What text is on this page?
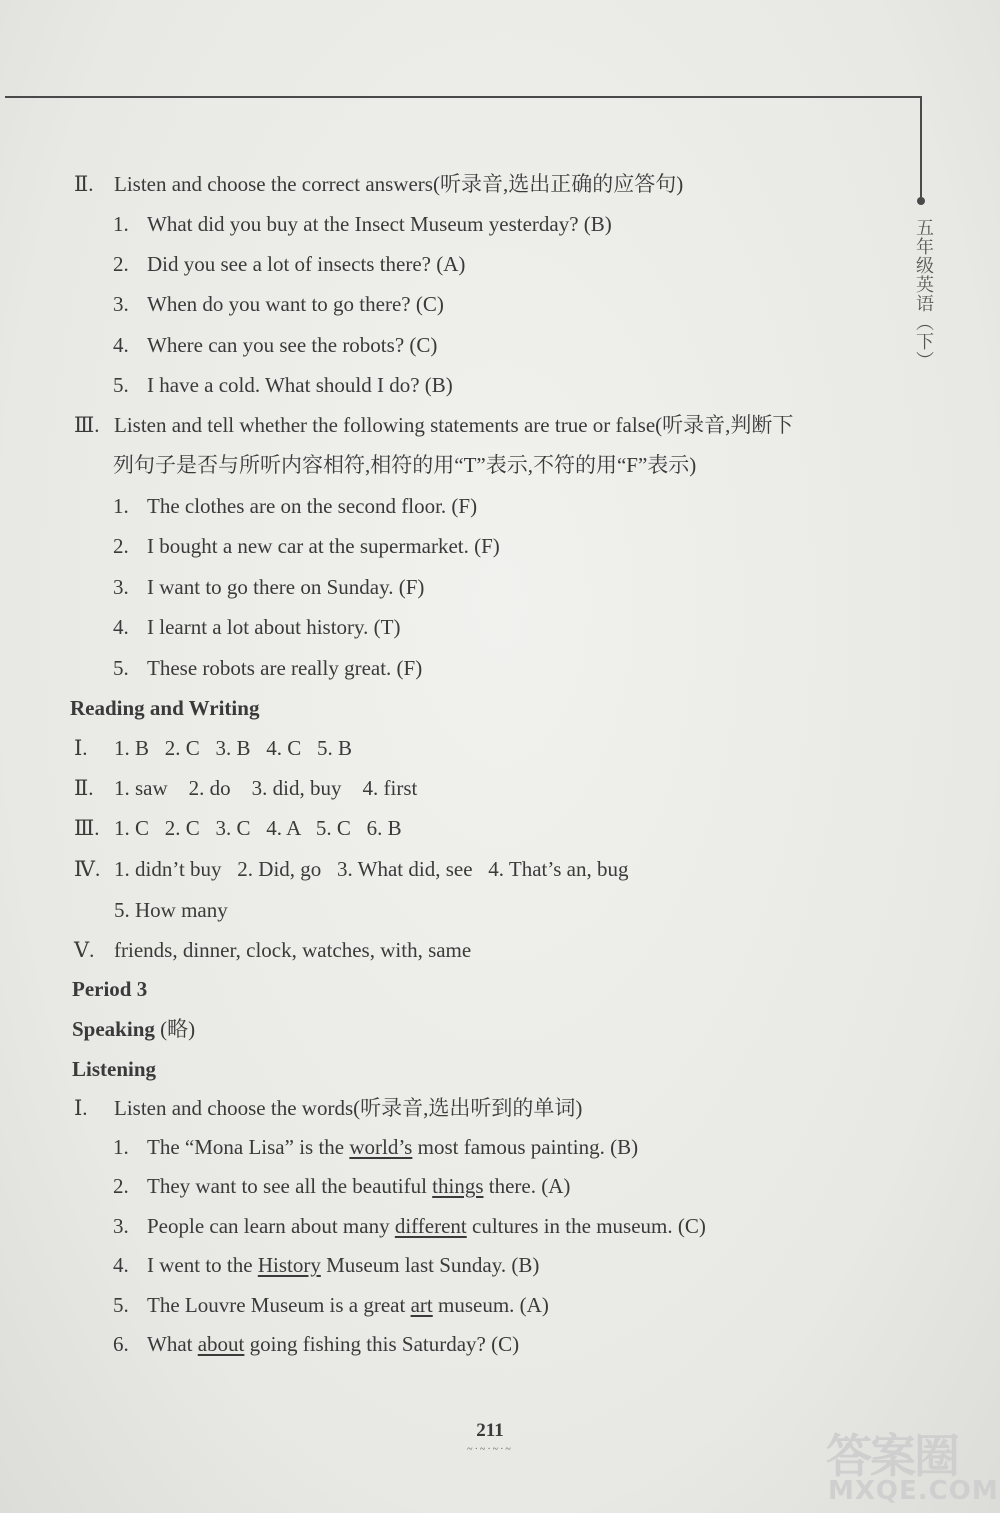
五年级英语（下）
Ⅱ. Listen and choose the correct answers(听录音,选出正确的应答句)
1. What did you buy at the Insect Museum yesterday? (B)
2. Did you see a lot of insects there? (A)
3. When do you want to go there? (C)
4. Where can you see the robots? (C)
5. I have a cold. What should I do? (B)
Ⅲ. Listen and tell whether the following statements are true or false(听录音,判断下
列句子是否与所听内容相符,相符的用“T”表示,不符的用“F”表示)
1. The clothes are on the second floor. (F)
2. I bought a new car at the supermarket. (F)
3. I want to go there on Sunday. (F)
4. I learnt a lot about history. (T)
5. These robots are really great. (F)
Reading and Writing
Ⅰ. 1. B   2. C   3. B   4. C   5. B
Ⅱ. 1. saw    2. do    3. did, buy    4. first
Ⅲ. 1. C   2. C   3. C   4. A   5. C   6. B
Ⅳ. 1. didn’t buy   2. Did, go   3. What did, see   4. That’s an, bug
5. How many
Ⅴ. friends, dinner, clock, watches, with, same
Period 3
Speaking (略)
Listening
Ⅰ. Listen and choose the words(听录音,选出听到的单词)
1. The “Mona Lisa” is the world’s most famous painting. (B)
2. They want to see all the beautiful things there. (A)
3. People can learn about many different cultures in the museum. (C)
4. I went to the History Museum last Sunday. (B)
5. The Louvre Museum is a great art museum. (A)
6. What about going fishing this Saturday? (C)
211
~·~·~·~	答案圈
MXQE.COM
